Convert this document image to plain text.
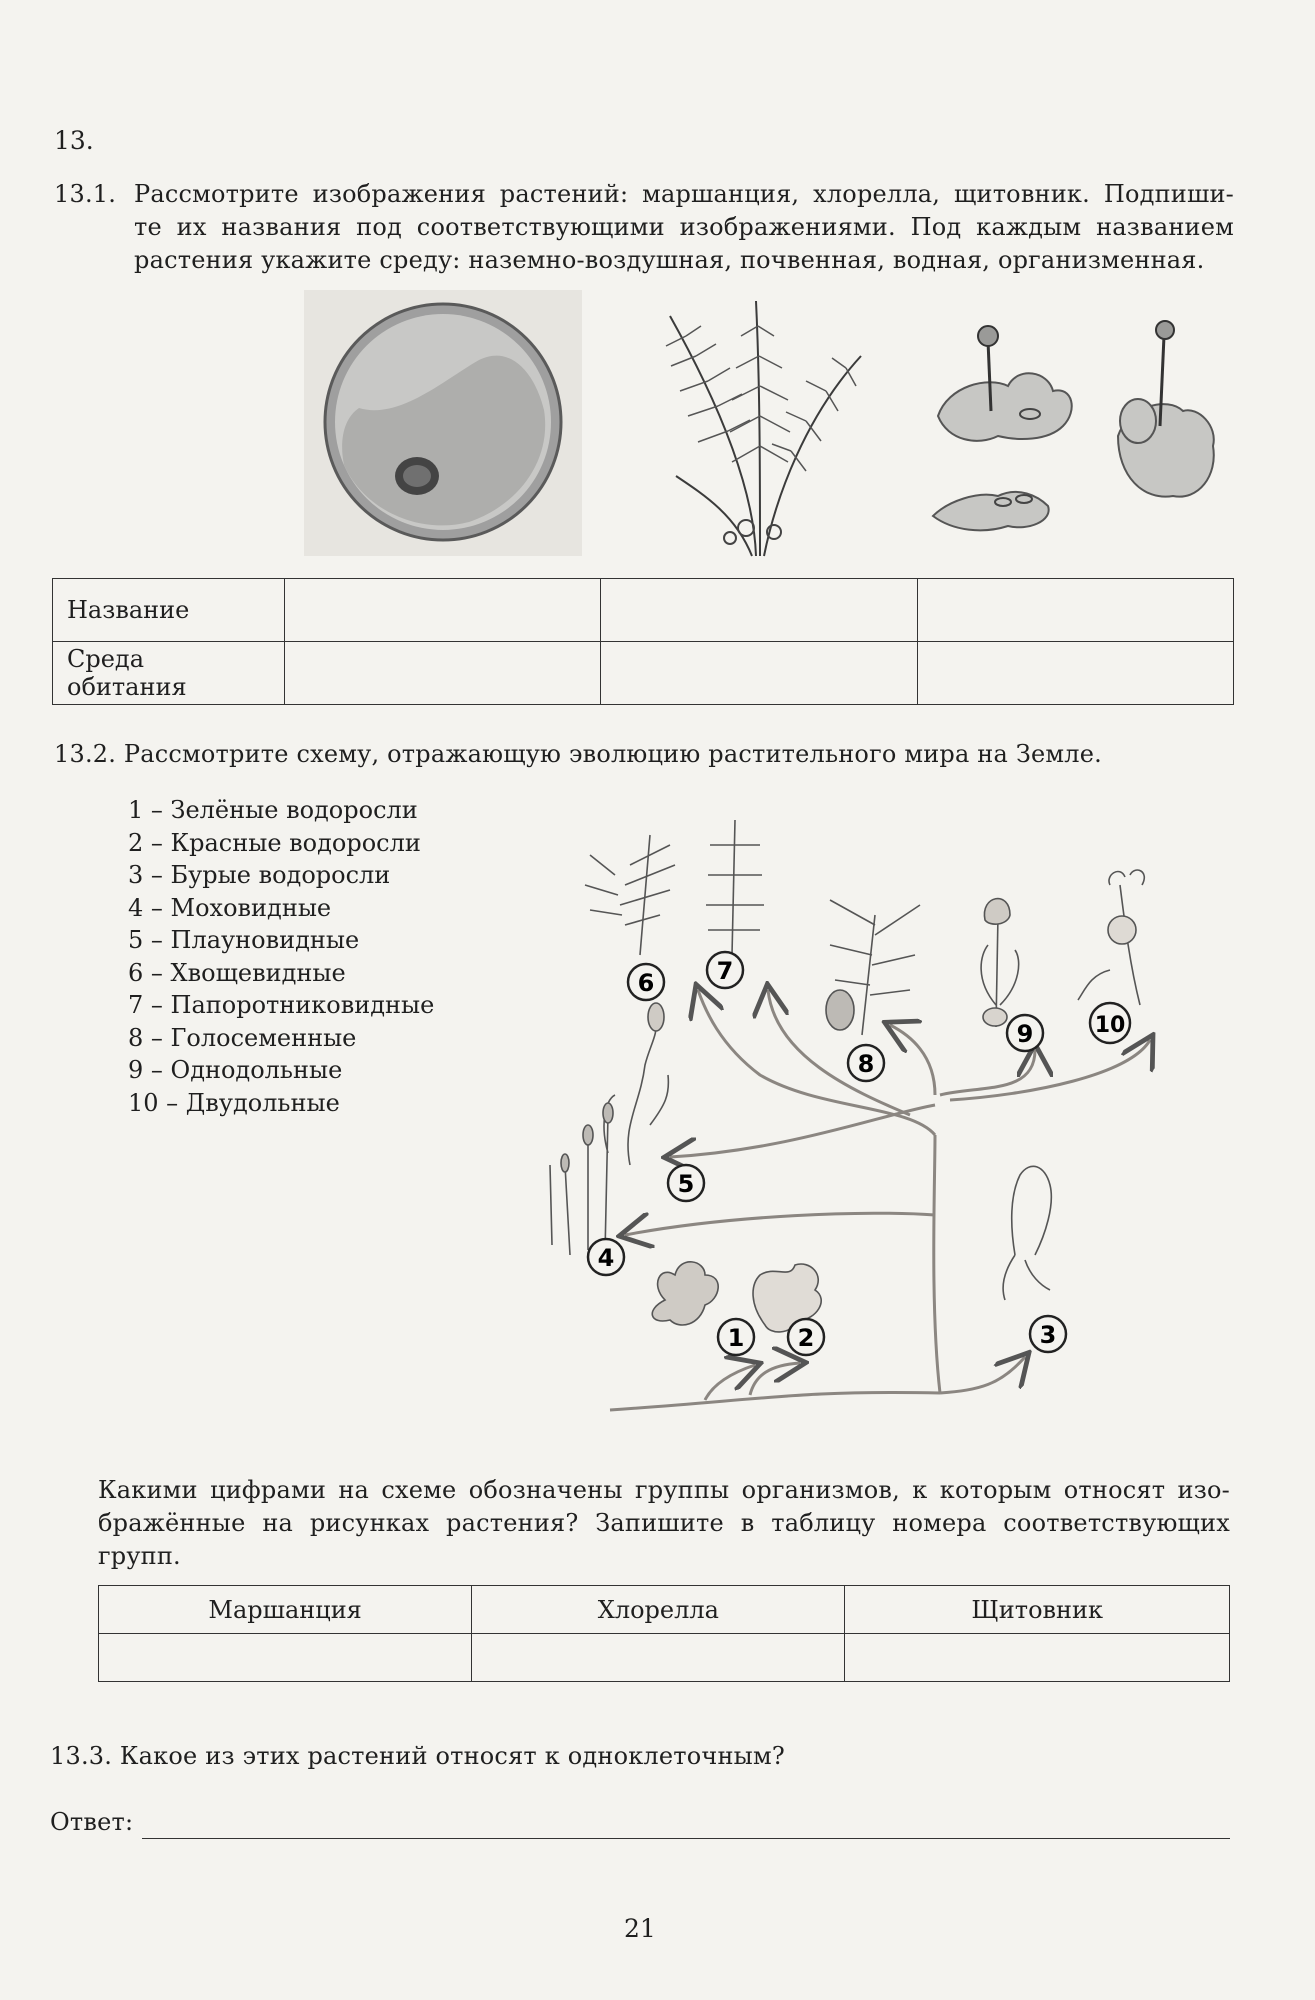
13.
13.1. Рассмотрите изображения растений: маршанция, хлорелла, щитовник. Подпиши-
те их названия под соответствующими изображениями. Под каждым названием
растения укажите среду: наземно-воздушная, почвенная, водная, организменная.
Название			
Среда обитания			
13.2. Рассмотрите схему, отражающую эволюцию растительного мира на Земле.
1 – Зелёные водоросли
2 – Красные водоросли
3 – Бурые водоросли
4 – Моховидные
5 – Плауновидные
6 – Хвощевидные
7 – Папоротниковидные
8 – Голосеменные
9 – Однодольные
10 – Двудольные
6	7
8
9	10
5
4
1 2	3
Какими цифрами на схеме обозначены группы организмов, к которым относят изо-
бражённые на рисунках растения? Запишите в таблицу номера соответствующих
групп.
Маршанция	Хлорелла	Щитовник

13.3. Какое из этих растений относят к одноклеточным?
Ответ:
21
